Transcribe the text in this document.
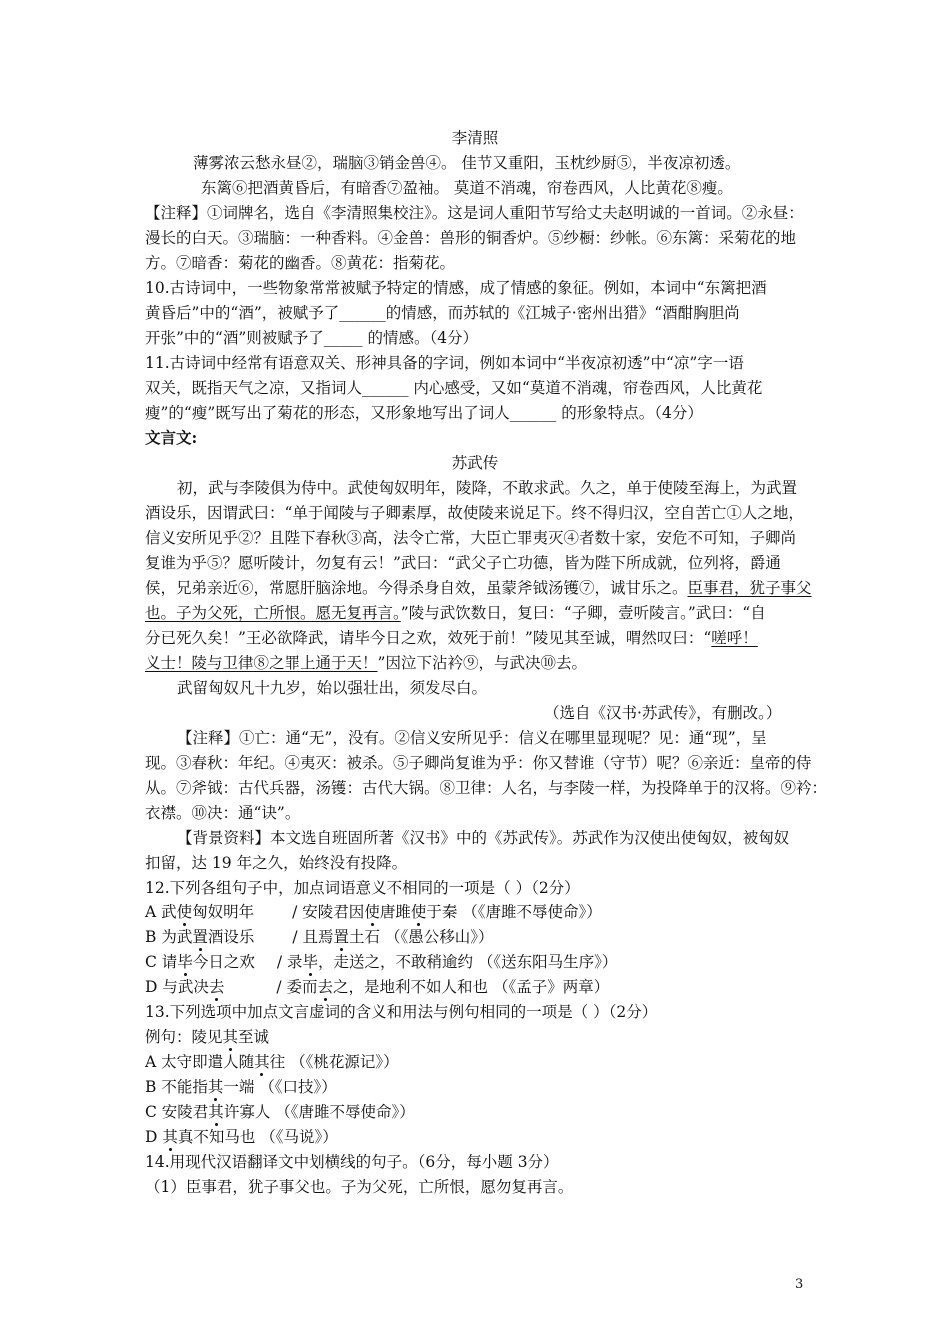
李清照
薄雾浓云愁永昼②，瑞脑③销金兽④。 佳节又重阳，玉枕纱厨⑤，半夜凉初透。
东篱⑥把酒黄昏后，有暗香⑦盈袖。 莫道不消魂，帘卷西风，人比黄花⑧瘦。
【注释】①词牌名，选自《李清照集校注》。这是词人重阳节写给丈夫赵明诚的一首词。②永昼：
漫长的白天。③瑞脑：一种香料。④金兽：兽形的铜香炉。⑤纱橱：纱帐。⑥东篱：采菊花的地
方。⑦暗香：菊花的幽香。⑧黄花：指菊花。
10.古诗词中，一些物象常常被赋予特定的情感，成了情感的象征。例如，本词中“东篱把酒
黄昏后”中的“酒”，被赋予了______的情感，而苏轼的《江城子·密州出猎》“酒酣胸胆尚
开张”中的“酒”则被赋予了_____ 的情感。（4分）
11.古诗词中经常有语意双关、形神具备的字词，例如本词中“半夜凉初透”中“凉”字一语
双关，既指天气之凉，又指词人______ 内心感受，又如“莫道不消魂，帘卷西风，人比黄花
瘦”的“瘦”既写出了菊花的形态，又形象地写出了词人______ 的形象特点。（4分）
文言文:
苏武传
初，武与李陵俱为侍中。武使匈奴明年，陵降，不敢求武。久之，单于使陵至海上，为武置
酒设乐，因谓武曰：“单于闻陵与子卿素厚，故使陵来说足下。终不得归汉，空自苦亡①人之地，
信义安所见乎②？且陛下春秋③高，法令亡常，大臣亡罪夷灭④者数十家，安危不可知，子卿尚
复谁为乎⑤？愿听陵计，勿复有云！”武曰：“武父子亡功德，皆为陛下所成就，位列将，爵通
侯，兄弟亲近⑥，常愿肝脑涂地。今得杀身自效，虽蒙斧钺汤镬⑦，诚甘乐之。臣事君，犹子事父
也。子为父死，亡所恨。愿无复再言。”陵与武饮数日，复曰：“子卿，壹听陵言。”武曰：“自
分已死久矣！”王必欲降武，请毕今日之欢，效死于前！”陵见其至诚，喟然叹曰：“嗟呼！
义士！陵与卫律⑧之罪上通于天！”因泣下沾衿⑨，与武决⑩去。
武留匈奴凡十九岁，始以强壮出，须发尽白。
（选自《汉书·苏武传》，有删改。）
【注释】①亡：通“无”，没有。②信义安所见乎：信义在哪里显现呢？见：通“现”，呈
现。③春秋：年纪。④夷灭：被杀。⑤子卿尚复谁为乎：你又替谁（守节）呢？⑥亲近：皇帝的侍
从。⑦斧钺：古代兵器，汤镬：古代大锅。⑧卫律：人名，与李陵一样，为投降单于的汉将。⑨衿：
衣襟。⑩决：通“诀”。
【背景资料】本文选自班固所著《汉书》中的《苏武传》。苏武作为汉使出使匈奴，被匈奴
扣留，达 19 年之久，始终没有投降。
12.下列各组句子中，加点词语意义不相同的一项是（ ）（2分）
A 武使匈奴明年 / 安陵君因使唐雎使于秦 （《唐雎不辱使命》）
B 为武置酒设乐 / 且焉置土石 （《愚公移山》）
C 请毕今日之欢 / 录毕，走送之，不敢稍逾约 （《送东阳马生序》）
D 与武决去	/ 委而去之，是地利不如人和也 （《孟子》两章）
13.下列选项中加点文言虚词的含义和用法与例句相同的一项是（ ）（2分）
例句：陵见其至诚
A 太守即遣人随其往 （《桃花源记》）
B 不能指其一端 （《口技》）
C 安陵君其许寡人 （《唐雎不辱使命》）
D 其真不知马也 （《马说》）
14.用现代汉语翻译文中划横线的句子。（6分，每小题 3分）
（1）臣事君，犹子事父也。子为父死，亡所恨，愿勿复再言。
3
